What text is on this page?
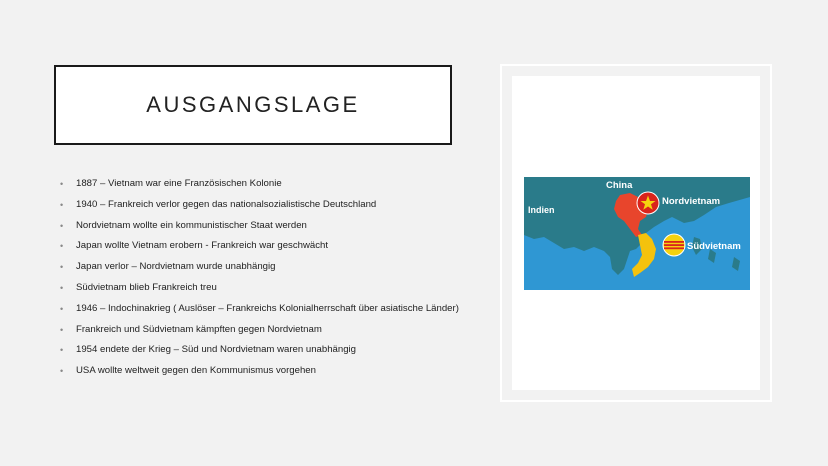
AUSGANGSLAGE
• 1887 – Vietnam war eine Französischen Kolonie
• 1940 – Frankreich verlor gegen das nationalsozialistische Deutschland
• Nordvietnam wollte ein kommunistischer Staat werden
• Japan wollte Vietnam erobern - Frankreich war geschwächt
• Japan verlor – Nordvietnam wurde unabhängig
• Südvietnam blieb Frankreich treu
• 1946 – Indochinakrieg ( Auslöser – Frankreichs Kolonialherrschaft über asiatische Länder)
• Frankreich und Südvietnam kämpften gegen Nordvietnam
• 1954 endete der Krieg – Süd und Nordvietnam waren unabhängig
• USA wollte weltweit gegen den Kommunismus vorgehen
China
Indien
Nordvietnam
Südvietnam
